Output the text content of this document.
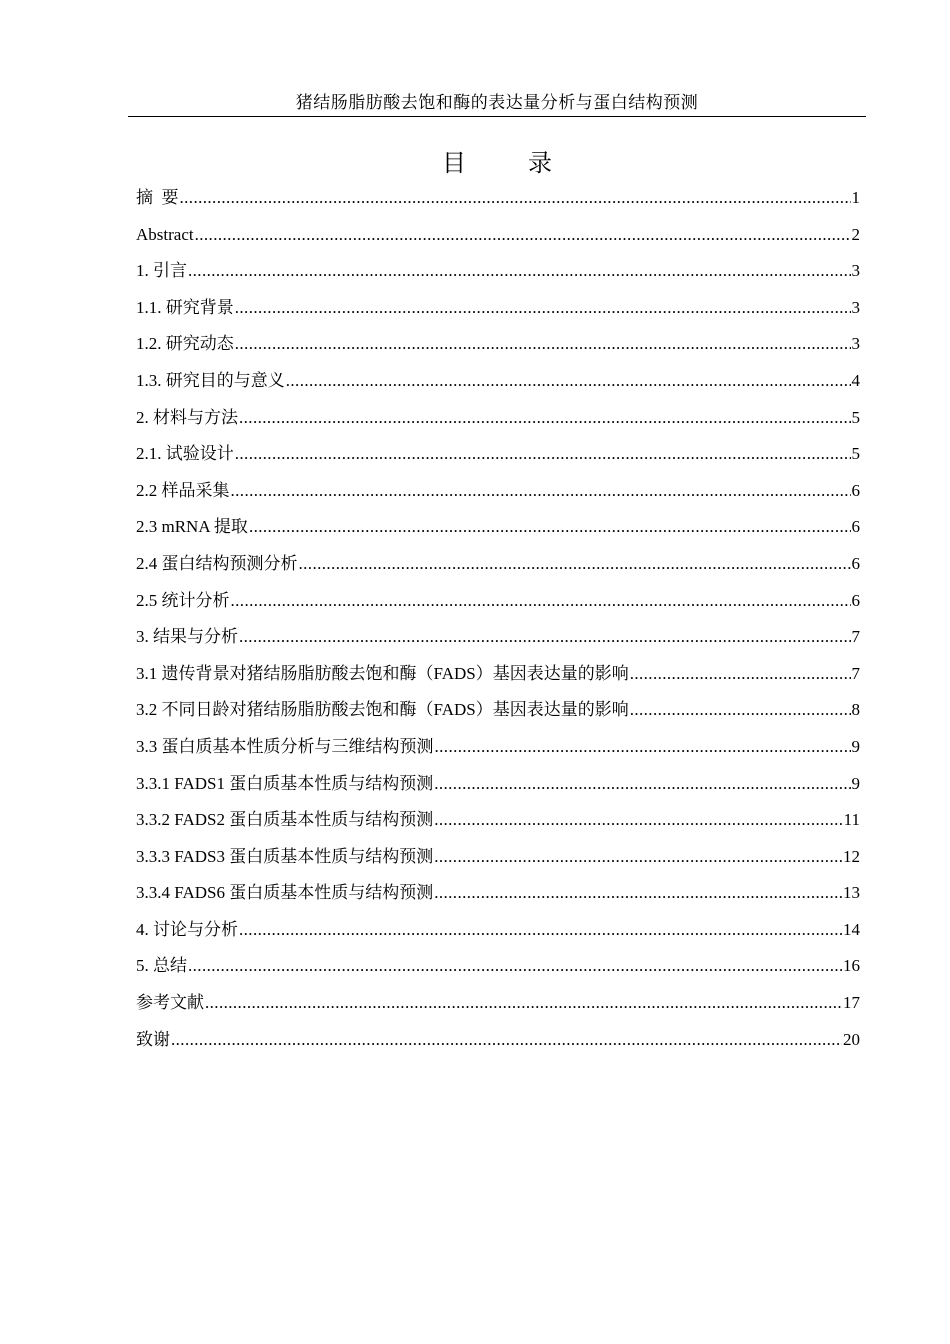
猪结肠脂肪酸去饱和酶的表达量分析与蛋白结构预测
目	录
摘  要 .....	1
Abstract .....	2
1. 引言 .....	3
1.1. 研究背景 .....	3
1.2. 研究动态 .....	3
1.3. 研究目的与意义 .....	4
2. 材料与方法 .....	5
2.1. 试验设计 .....	5
2.2 样品采集 .....	6
2.3 mRNA 提取 .....	6
2.4 蛋白结构预测分析 .....	6
2.5 统计分析 .....	6
3. 结果与分析 .....	7
3.1 遗传背景对猪结肠脂肪酸去饱和酶（FADS）基因表达量的影响 .....	7
3.2 不同日龄对猪结肠脂肪酸去饱和酶（FADS）基因表达量的影响 .....	8
3.3 蛋白质基本性质分析与三维结构预测 .....	9
3.3.1 FADS1 蛋白质基本性质与结构预测 .....	9
3.3.2 FADS2 蛋白质基本性质与结构预测 .....	11
3.3.3 FADS3 蛋白质基本性质与结构预测 .....	12
3.3.4 FADS6 蛋白质基本性质与结构预测 .....	13
4. 讨论与分析 .....	14
5. 总结 .....	16
参考文献 .....	17
致谢 .....	20
